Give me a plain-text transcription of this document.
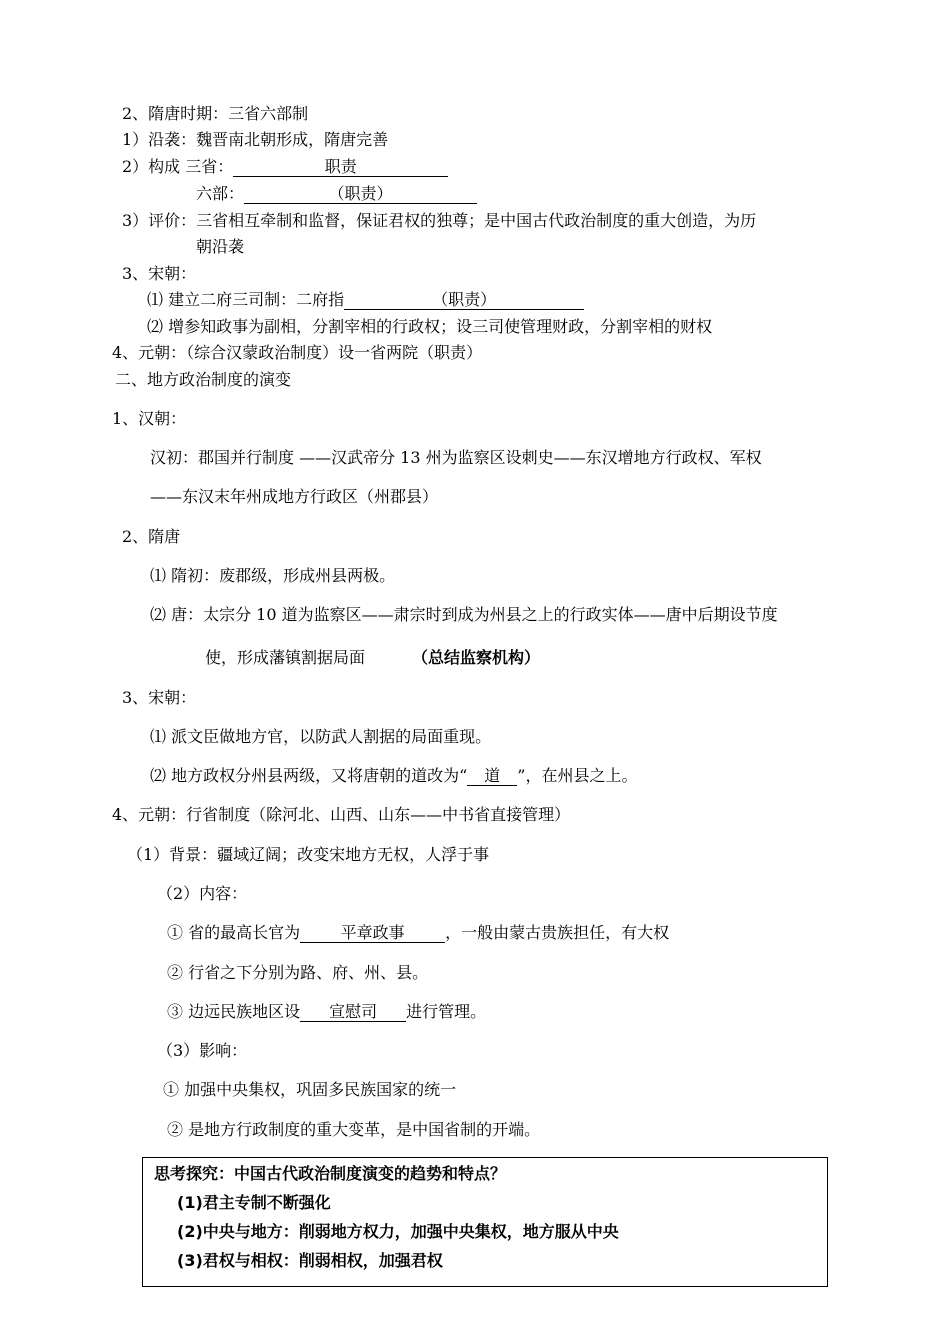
2、隋唐时期：三省六部制
1）沿袭：魏晋南北朝形成，隋唐完善
2）构成 三省：	职责
六部：	（职责）
3）评价：三省相互牵制和监督，保证君权的独尊；是中国古代政治制度的重大创造，为历
朝沿袭
3、宋朝：
⑴ 建立二府三司制：二府指	（职责）
⑵ 增参知政事为副相，分割宰相的行政权；设三司使管理财政，分割宰相的财权
4、元朝：（综合汉蒙政治制度）设一省两院（职责）
二、地方政治制度的演变
1、汉朝：
汉初：郡国并行制度 ——汉武帝分 13 州为监察区设刺史——东汉增地方行政权、军权
——东汉末年州成地方行政区（州郡县）
2、隋唐
⑴ 隋初：废郡级，形成州县两极。
⑵ 唐：太宗分 10 道为监察区——肃宗时到成为州县之上的行政实体——唐中后期设节度
使，形成藩镇割据局面	（总结监察机构）
3、宋朝：
⑴ 派文臣做地方官，以防武人割据的局面重现。
⑵ 地方政权分州县两级，又将唐朝的道改为“ 道 ”，在州县之上。
4、元朝：行省制度（除河北、山西、山东——中书省直接管理）
（1）背景：疆域辽阔；改变宋地方无权，人浮于事
（2）内容：
① 省的最高长官为	平章政事	，一般由蒙古贵族担任，有大权
② 行省之下分别为路、府、州、县。
③ 边远民族地区设 宣慰司 进行管理。
（3）影响：
① 加强中央集权，巩固多民族国家的统一
② 是地方行政制度的重大变革，是中国省制的开端。
思考探究：中国古代政治制度演变的趋势和特点？
(1)君主专制不断强化
(2)中央与地方：削弱地方权力，加强中央集权，地方服从中央
(3)君权与相权：削弱相权，加强君权
